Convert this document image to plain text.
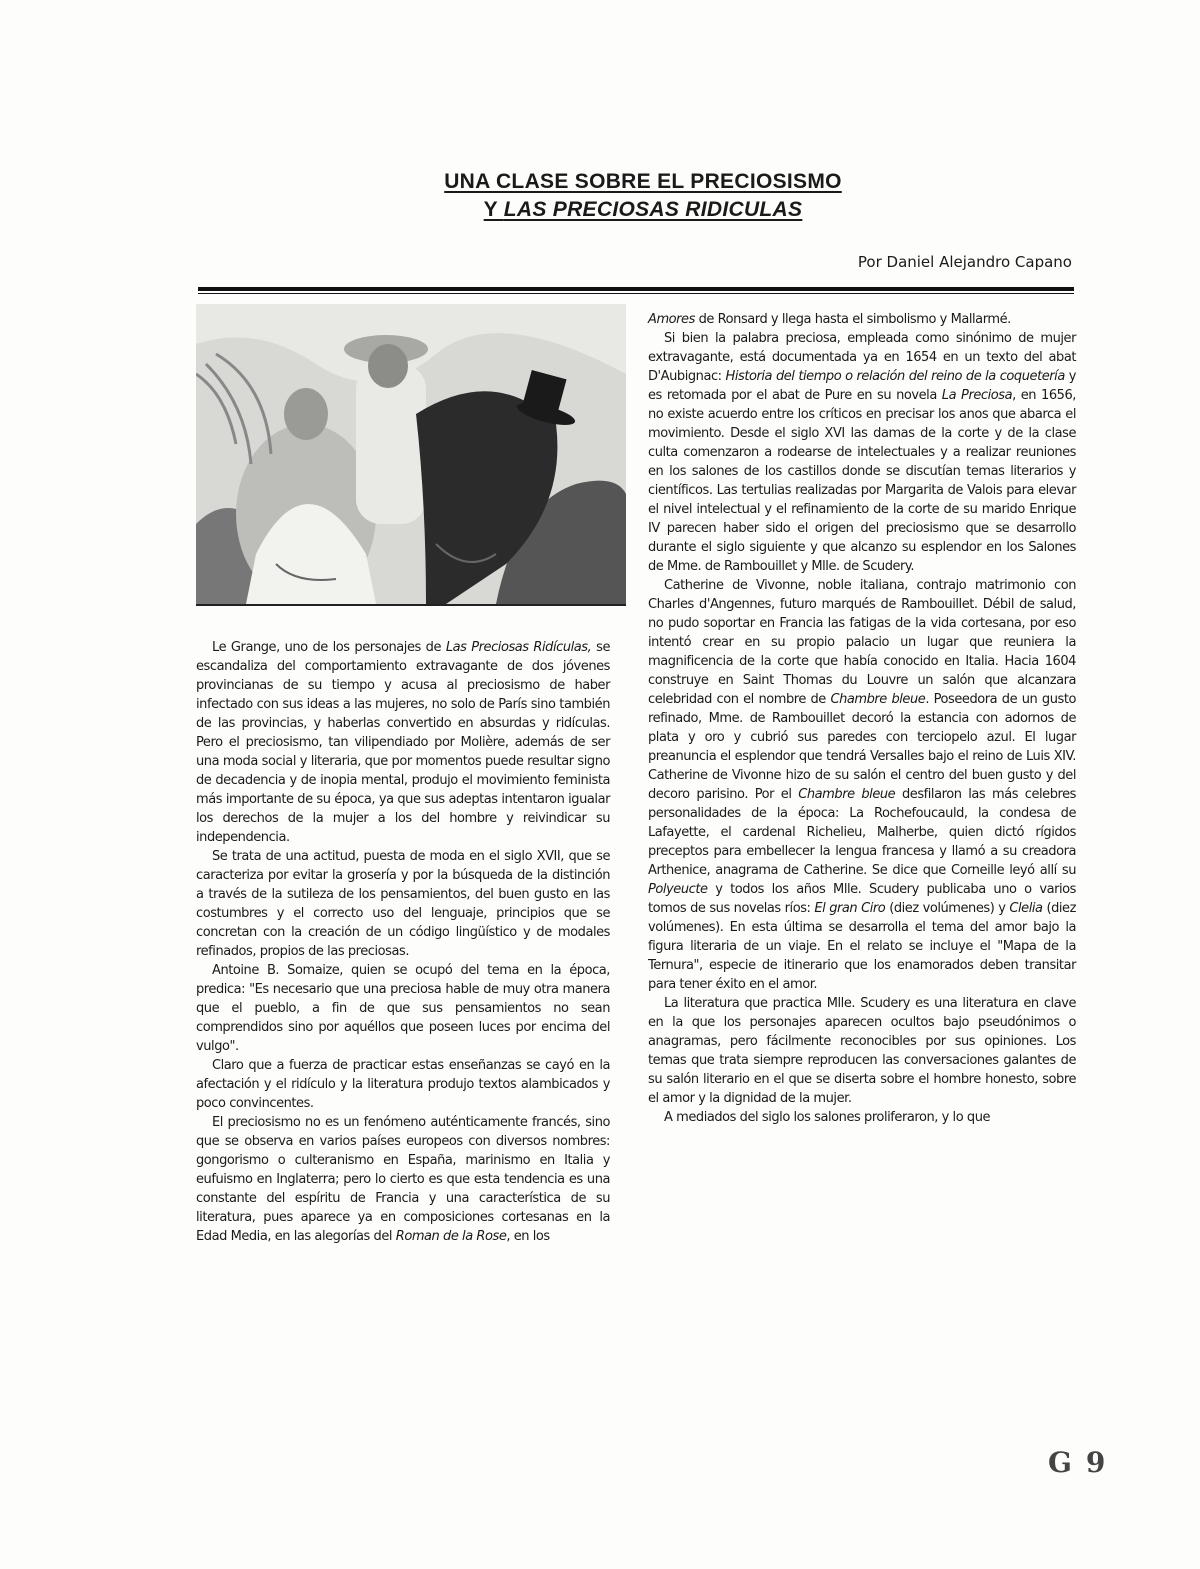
UNA CLASE SOBRE EL PRECIOSISMO
Y LAS PRECIOSAS RIDICULAS
Por Daniel Alejandro Capano

Le Grange, uno de los personajes de Las Preciosas Ridículas, se escandaliza del comportamiento extravagante de dos jóvenes provincianas de su tiempo y acusa al preciosismo de haber infectado con sus ideas a las mujeres, no solo de París sino también de las provincias, y haberlas convertido en absurdas y ridículas. Pero el preciosismo, tan vilipendiado por Molière, además de ser una moda social y literaria, que por momentos puede resultar signo de decadencia y de inopia mental, produjo el movimiento feminista más importante de su época, ya que sus adeptas intentaron igualar los derechos de la mujer a los del hombre y reivindicar su independencia.

Se trata de una actitud, puesta de moda en el siglo XVII, que se caracteriza por evitar la grosería y por la búsqueda de la distinción a través de la sutileza de los pensamientos, del buen gusto en las costumbres y el correcto uso del lenguaje, principios que se concretan con la creación de un código lingüístico y de modales refinados, propios de las preciosas.

Antoine B. Somaize, quien se ocupó del tema en la época, predica: "Es necesario que una preciosa hable de muy otra manera que el pueblo, a fin de que sus pensamientos no sean comprendidos sino por aquéllos que poseen luces por encima del vulgo".

Claro que a fuerza de practicar estas enseñanzas se cayó en la afectación y el ridículo y la literatura produjo textos alambicados y poco convincentes.

El preciosismo no es un fenómeno auténticamente francés, sino que se observa en varios países europeos con diversos nombres: gongorismo o culteranismo en España, marinismo en Italia y eufuismo en Inglaterra; pero lo cierto es que esta tendencia es una constante del espíritu de Francia y una característica de su literatura, pues aparece ya en composiciones cortesanas en la Edad Media, en las alegorías del Roman de la Rose, en los

Amores de Ronsard y llega hasta el simbolismo y Mallarmé.

Si bien la palabra preciosa, empleada como sinónimo de mujer extravagante, está documentada ya en 1654 en un texto del abat D'Aubignac: Historia del tiempo o relación del reino de la coquetería y es retomada por el abat de Pure en su novela La Preciosa, en 1656, no existe acuerdo entre los críticos en precisar los anos que abarca el movimiento. Desde el siglo XVI las damas de la corte y de la clase culta comenzaron a rodearse de intelectuales y a realizar reuniones en los salones de los castillos donde se discutían temas literarios y científicos. Las tertulias realizadas por Margarita de Valois para elevar el nivel intelectual y el refinamiento de la corte de su marido Enrique IV parecen haber sido el origen del preciosismo que se desarrollo durante el siglo siguiente y que alcanzo su esplendor en los Salones de Mme. de Rambouillet y Mlle. de Scudery.

Catherine de Vivonne, noble italiana, contrajo matrimonio con Charles d'Angennes, futuro marqués de Rambouillet. Débil de salud, no pudo soportar en Francia las fatigas de la vida cortesana, por eso intentó crear en su propio palacio un lugar que reuniera la magnificencia de la corte que había conocido en Italia. Hacia 1604 construye en Saint Thomas du Louvre un salón que alcanzara celebridad con el nombre de Chambre bleue. Poseedora de un gusto refinado, Mme. de Rambouillet decoró la estancia con adornos de plata y oro y cubrió sus paredes con terciopelo azul. El lugar preanuncia el esplendor que tendrá Versalles bajo el reino de Luis XIV. Catherine de Vivonne hizo de su salón el centro del buen gusto y del decoro parisino. Por el Chambre bleue desfilaron las más celebres personalidades de la época: La Rochefoucauld, la condesa de Lafayette, el cardenal Richelieu, Malherbe, quien dictó rígidos preceptos para embellecer la lengua francesa y llamó a su creadora Arthenice, anagrama de Catherine. Se dice que Corneille leyó allí su Polyeucte y todos los años Mlle. Scudery publicaba uno o varios tomos de sus novelas ríos: El gran Ciro (diez volúmenes) y Clelia (diez volúmenes). En esta última se desarrolla el tema del amor bajo la figura literaria de un viaje. En el relato se incluye el "Mapa de la Ternura", especie de itinerario que los enamorados deben transitar para tener éxito en el amor.

La literatura que practica Mlle. Scudery es una literatura en clave en la que los personajes aparecen ocultos bajo pseudónimos o anagramas, pero fácilmente reconocibles por sus opiniones. Los temas que trata siempre reproducen las conversaciones galantes de su salón literario en el que se diserta sobre el hombre honesto, sobre el amor y la dignidad de la mujer.

A mediados del siglo los salones proliferaron, y lo que

G9
